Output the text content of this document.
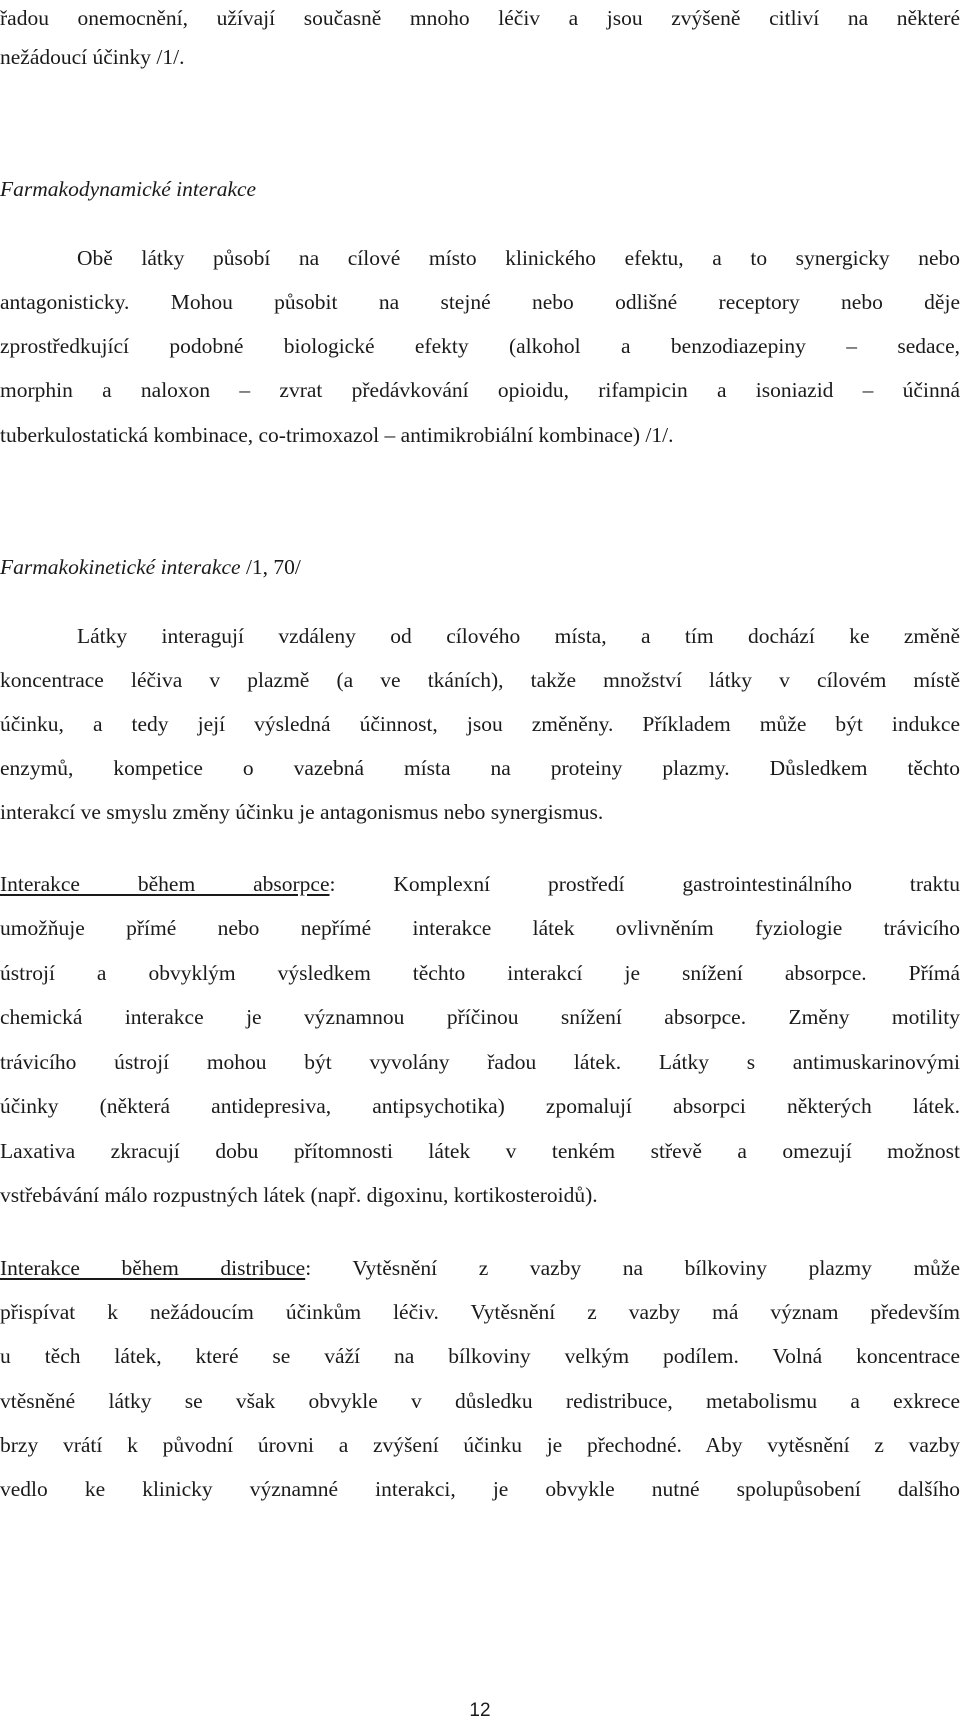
řadou onemocnění, užívají současně mnoho léčiv a jsou zvýšeně citliví na některé
nežádoucí účinky /1/.
Farmakodynamické interakce
Obě látky působí na cílové místo klinického efektu, a to synergicky nebo
antagonisticky. Mohou působit na stejné nebo odlišné receptory nebo děje
zprostředkující podobné biologické efekty (alkohol a benzodiazepiny – sedace,
morphin a naloxon – zvrat předávkování opioidu, rifampicin a isoniazid – účinná
tuberkulostatická kombinace, co-trimoxazol – antimikrobiální kombinace) /1/.
Farmakokinetické interakce /1, 70/
Látky interagují vzdáleny od cílového místa, a tím dochází ke změně
koncentrace léčiva v plazmě (a ve tkáních), takže množství látky v cílovém místě
účinku, a tedy její výsledná účinnost, jsou změněny. Příkladem může být indukce
enzymů, kompetice o vazebná místa na proteiny plazmy. Důsledkem těchto
interakcí ve smyslu změny účinku je antagonismus nebo synergismus.
Interakce během absorpce: Komplexní prostředí gastrointestinálního traktu
umožňuje přímé nebo nepřímé interakce látek ovlivněním fyziologie trávicího
ústrojí a obvyklým výsledkem těchto interakcí je snížení absorpce. Přímá
chemická interakce je významnou příčinou snížení absorpce. Změny motility
trávicího ústrojí mohou být vyvolány řadou látek. Látky s antimuskarinovými
účinky (některá antidepresiva, antipsychotika) zpomalují absorpci některých látek.
Laxativa zkracují dobu přítomnosti látek v tenkém střevě a omezují možnost
vstřebávání málo rozpustných látek (např. digoxinu, kortikosteroidů).
Interakce během distribuce: Vytěsnění z vazby na bílkoviny plazmy může
přispívat k nežádoucím účinkům léčiv. Vytěsnění z vazby má význam především
u těch látek, které se váží na bílkoviny velkým podílem. Volná koncentrace
vtěsněné látky se však obvykle v důsledku redistribuce, metabolismu a exkrece
brzy vrátí k původní úrovni a zvýšení účinku je přechodné. Aby vytěsnění z vazby
vedlo ke klinicky významné interakci, je obvykle nutné spolupůsobení dalšího
12
